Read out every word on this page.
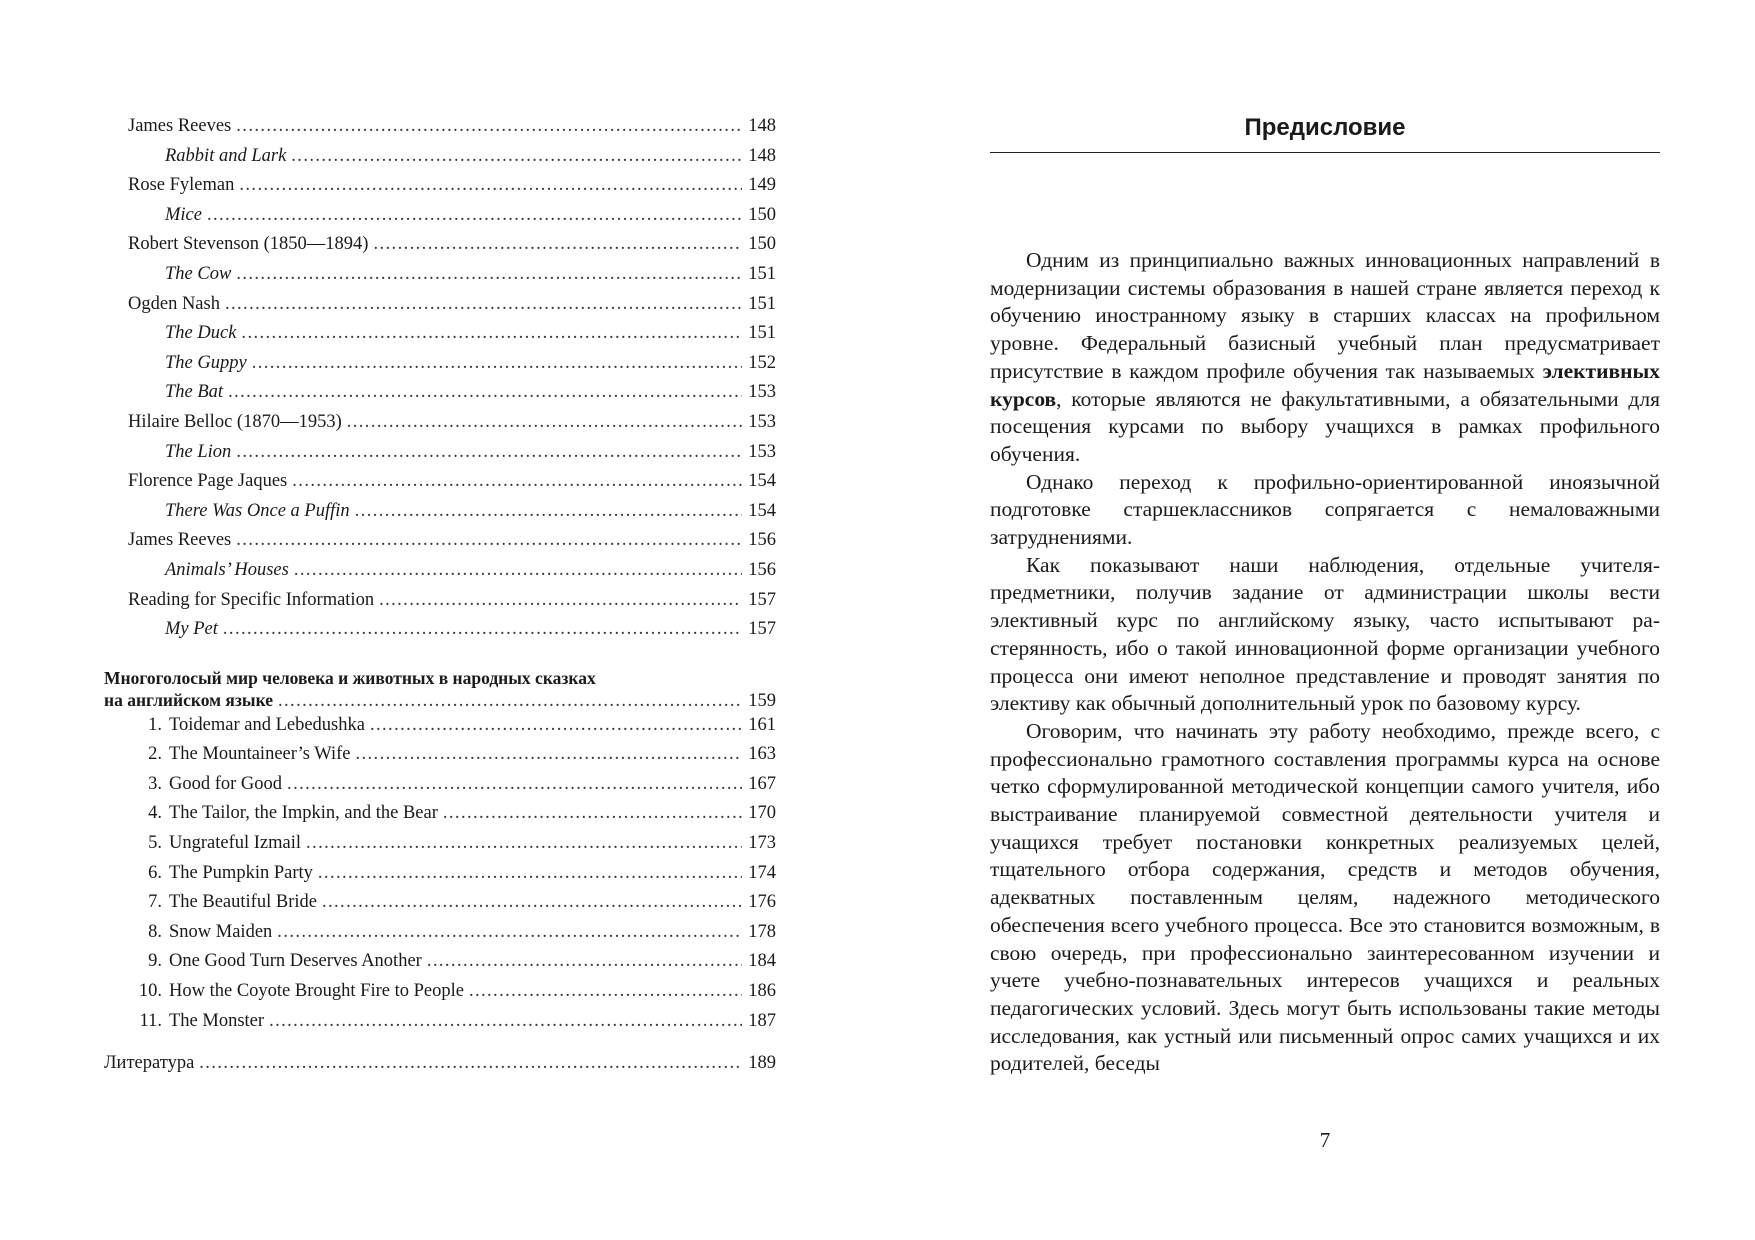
James Reeves .....	148
Rabbit and Lark .....	148
Rose Fyleman .....	149
Mice .....	150
Robert Stevenson (1850—1894) .....	150
The Cow .....	151
Ogden Nash .....	151
The Duck .....	151
The Guppy .....	152
The Bat .....	153
Hilaire Belloc (1870—1953) .....	153
The Lion .....	153
Florence Page Jaques .....	154
There Was Once a Puffin .....	154
James Reeves .....	156
Animals’ Houses .....	156
Reading for Specific Information .....	157
My Pet .....	157
Многоголосый мир человека и животных в народных сказках
на английском языке .....	159
1. Toidemar and Lebedushka .....	161
2. The Mountaineer’s Wife .....	163
3. Good for Good .....	167
4. The Tailor, the Impkin, and the Bear .....	170
5. Ungrateful Izmail .....	173
6. The Pumpkin Party .....	174
7. The Beautiful Bride .....	176
8. Snow Maiden .....	178
9. One Good Turn Deserves Another .....	184
10. How the Coyote Brought Fire to People .....	186
11. The Monster .....	187
Литература .....	189
Предисловие

Одним из принципиально важных инновационных направлений в модернизации системы образования в нашей стране является переход к обучению иностранному языку в старших классах на профильном уровне. Федеральный базисный учебный план предусматривает присутствие в каждом профиле обучения так называемых элективных курсов, которые являются не факультативными, а обязательными для посещения курсами по выбору учащихся в рамках профильного обучения.

Однако переход к профильно-ориентированной иноязычной подготовке старшеклассников сопрягается с немаловажными затруднениями.

Как показывают наши наблюдения, отдельные учителя-предметники, получив задание от администрации школы вести элективный курс по английскому языку, часто испытывают растерянность, ибо о такой инновационной форме организации учебного процесса они имеют неполное представление и проводят занятия по элективу как обычный дополнительный урок по базовому курсу.

Оговорим, что начинать эту работу необходимо, прежде всего, с профессионально грамотного составления программы курса на основе четко сформулированной методической концепции самого учителя, ибо выстраивание планируемой совместной деятельности учителя и учащихся требует постановки конкретных реализуемых целей, тщательного отбора содержания, средств и методов обучения, адекватных поставленным целям, надежного методического обеспечения всего учебного процесса. Все это становится возможным, в свою очередь, при профессионально заинтересованном изучении и учете учебно-познавательных интересов учащихся и реальных педагогических условий. Здесь могут быть использованы такие методы исследования, как устный или письменный опрос самих учащихся и их родителей, беседы

7
